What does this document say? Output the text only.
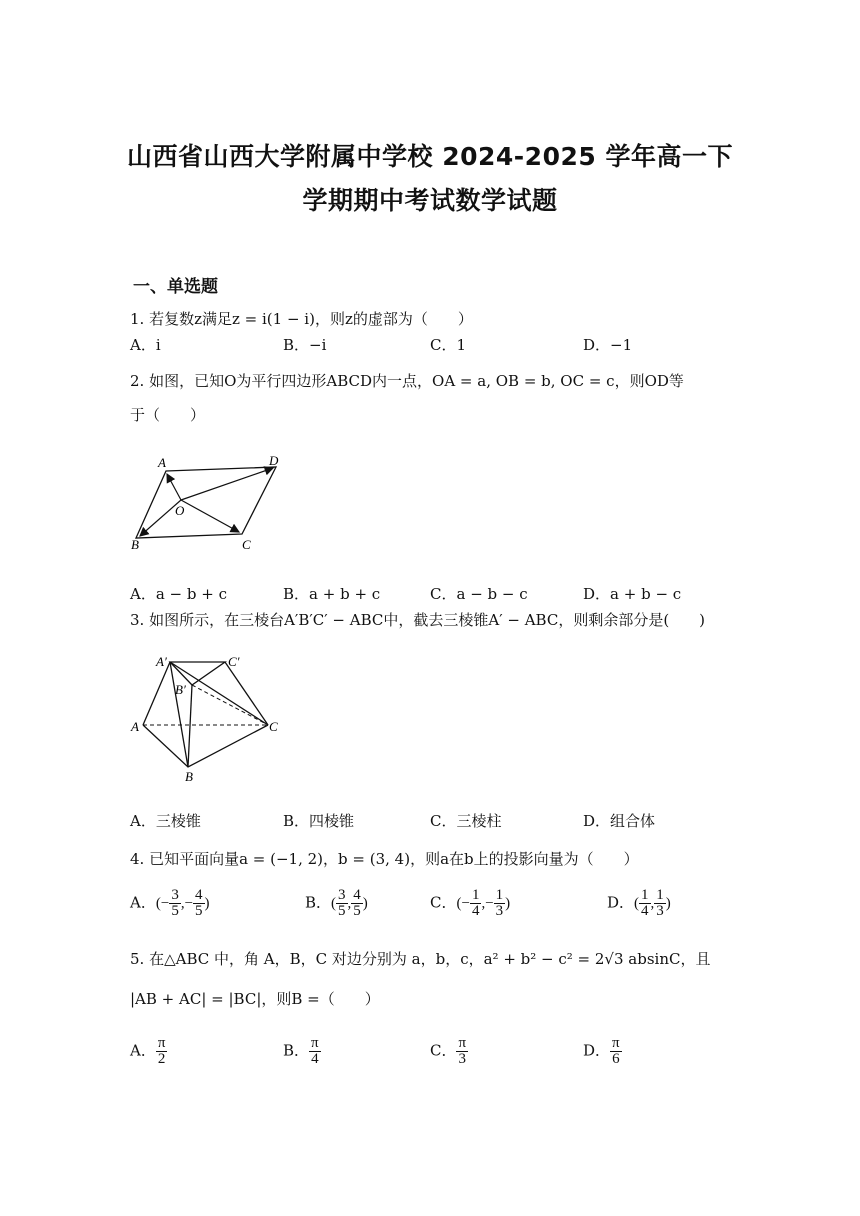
山西省山西大学附属中学校 2024-2025 学年高一下
学期期中考试数学试题
一、单选题
1. 若复数z满足z = i(1 − i)，则z的虚部为（　　）
A．i	B．−i	C．1	D．−1
2. 如图，已知O为平行四边形ABCD内一点，OA = a, OB = b, OC = c，则OD等
于（　　）
A	D
O
B	C
A．a − b + c	B．a + b + c	C．a − b − c	D．a + b − c
3. 如图所示，在三棱台A′B′C′ − ABC中，截去三棱锥A′ − ABC，则剩余部分是(　　)
A′	C′
B′
A	C
B
A．三棱锥	B．四棱锥	C．三棱柱	D．组合体
4. 已知平面向量a = (−1, 2)，b = (3, 4)，则a在b上的投影向量为（　　）
A．(− $\frac{3}{5}$ ,− $\frac{4}{5}$ )	B．( $\frac{3}{5}$ , $\frac{4}{5}$ )	C．(− $\frac{1}{4}$ ,− $\frac{1}{3}$ )	D．( $\frac{1}{4}$ , $\frac{1}{3}$ )
5. 在△ABC 中，角 A，B，C 对边分别为 a，b，c，a² + b² − c² = 2√3 absinC，且
|AB + AC| = |BC|，则B =（　　）
A． $\frac{\pi}{2}$	B． $\frac{\pi}{4}$	C． $\frac{\pi}{3}$	D． $\frac{\pi}{6}$
